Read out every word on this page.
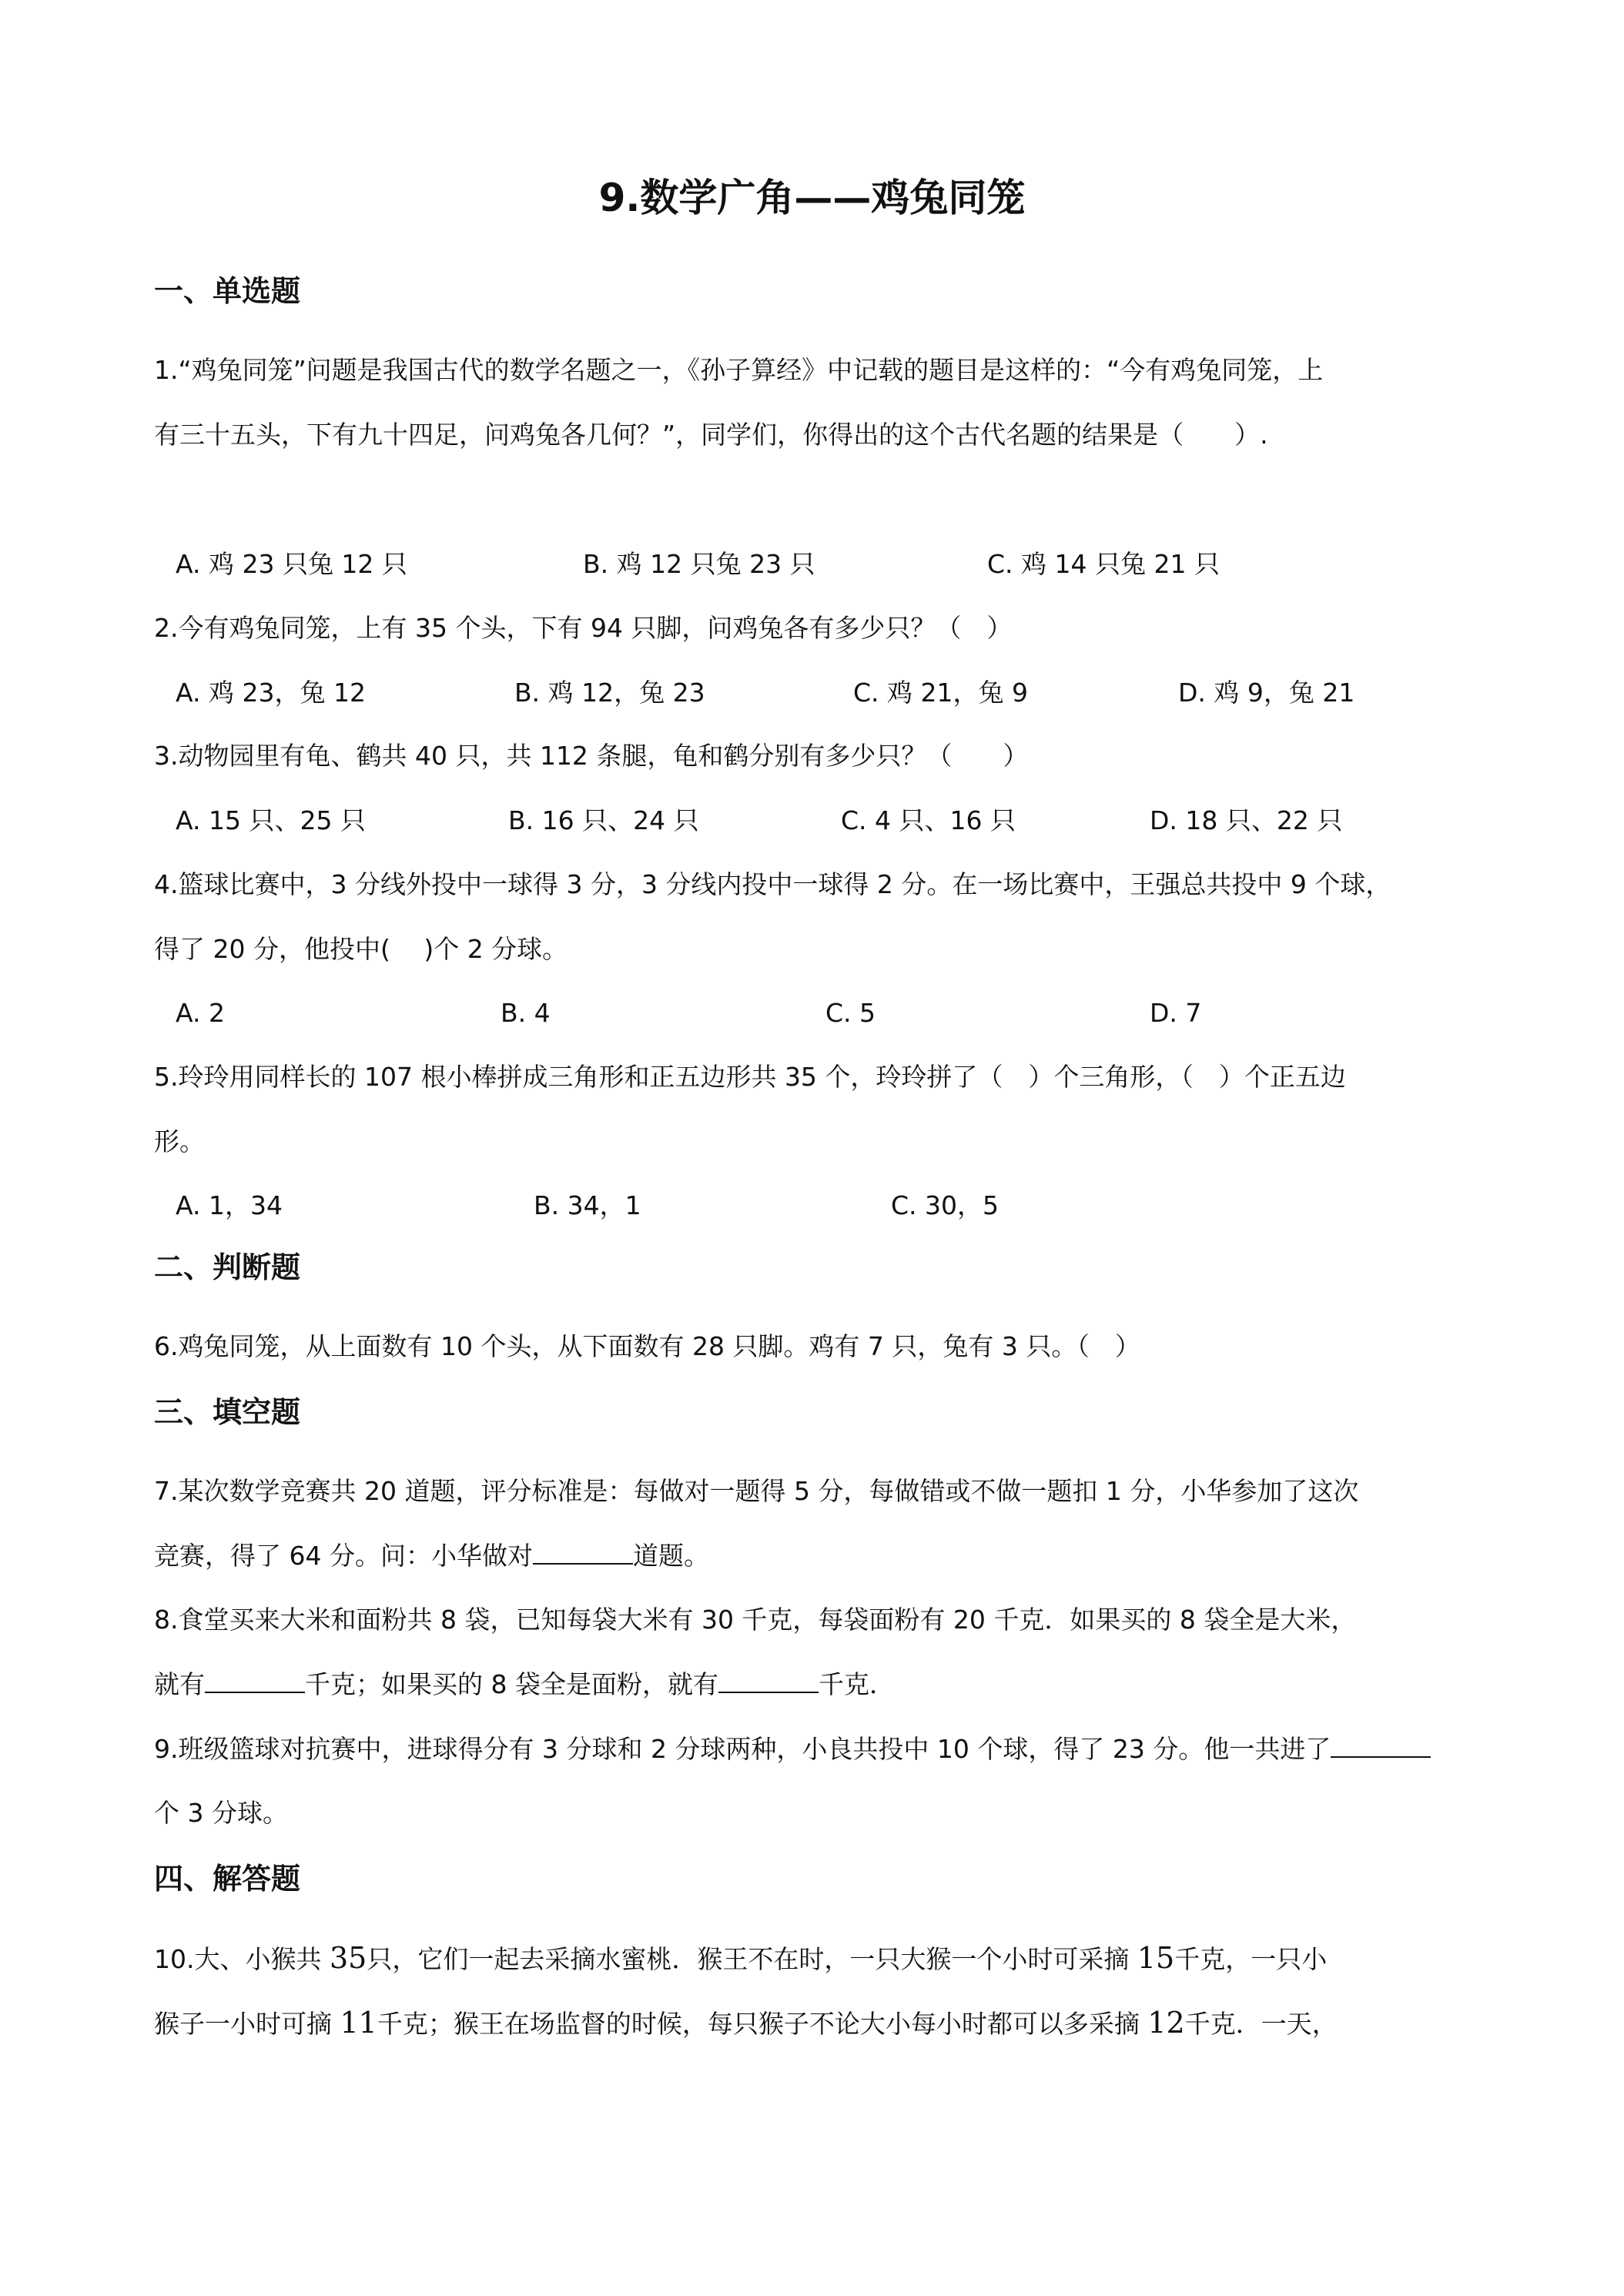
9.数学广角——鸡兔同笼
一、单选题
1.“鸡兔同笼”问题是我国古代的数学名题之一，《孙子算经》中记载的题目是这样的：“今有鸡兔同笼，上
有三十五头，下有九十四足，问鸡兔各几何？”，同学们，你得出的这个古代名题的结果是（　　）.
A. 鸡 23 只兔 12 只	B. 鸡 12 只兔 23 只	C. 鸡 14 只兔 21 只
2.今有鸡兔同笼，上有 35 个头，下有 94 只脚，问鸡兔各有多少只？（　）
A. 鸡 23，兔 12	B. 鸡 12，兔 23	C. 鸡 21，兔 9	D. 鸡 9，兔 21
3.动物园里有龟、鹤共 40 只，共 112 条腿，龟和鹤分别有多少只？（　　）
A. 15 只、25 只	B. 16 只、24 只	C. 4 只、16 只	D. 18 只、22 只
4.篮球比赛中，3 分线外投中一球得 3 分，3 分线内投中一球得 2 分。在一场比赛中，王强总共投中 9 个球，
得了 20 分，他投中(　 )个 2 分球。
A. 2	B. 4	C. 5	D. 7
5.玲玲用同样长的 107 根小棒拼成三角形和正五边形共 35 个，玲玲拼了（　）个三角形，（　）个正五边
形。
A. 1，34	B. 34，1	C. 30，5
二、判断题
6.鸡兔同笼，从上面数有 10 个头，从下面数有 28 只脚。鸡有 7 只，兔有 3 只。（　）
三、填空题
7.某次数学竞赛共 20 道题，评分标准是：每做对一题得 5 分，每做错或不做一题扣 1 分，小华参加了这次
竞赛，得了 64 分。问：小华做对	道题。
8.食堂买来大米和面粉共 8 袋，已知每袋大米有 30 千克，每袋面粉有 20 千克．如果买的 8 袋全是大米，
就有	千克；如果买的 8 袋全是面粉，就有	千克．
9.班级篮球对抗赛中，进球得分有 3 分球和 2 分球两种，小良共投中 10 个球，得了 23 分。他一共进了
个 3 分球。
四、解答题
10.大、小猴共 35只，它们一起去采摘水蜜桃．猴王不在时，一只大猴一个小时可采摘 15千克，一只小
猴子一小时可摘 11千克；猴王在场监督的时候，每只猴子不论大小每小时都可以多采摘 12千克．一天，
